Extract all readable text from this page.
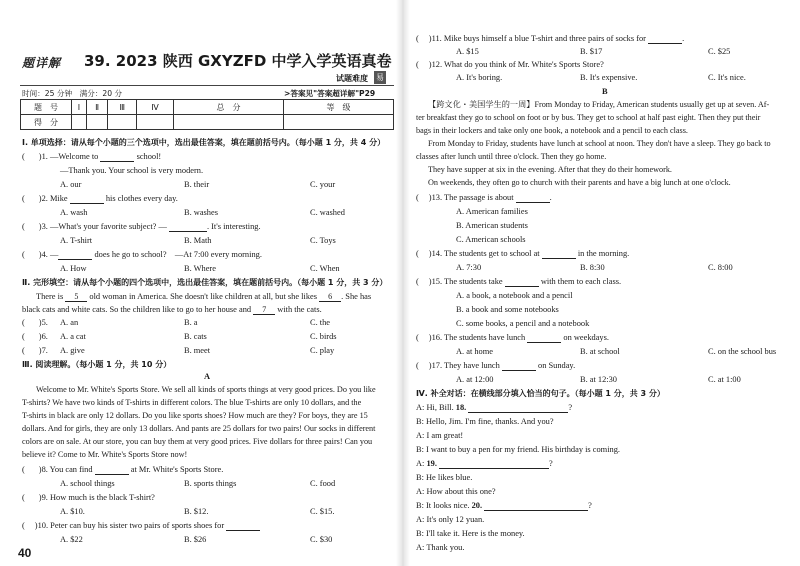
题详解 39. 2023 陕西 GXYZFD 中学入学英语真卷
试题难度 易
时间：25 分钟　满分：20 分	>答案见"答案超详解"P29
题　号	Ⅰ	Ⅱ	Ⅲ	Ⅳ	总　分	等　级
得　分						
Ⅰ. 单项选择：请从每个小题的三个选项中，选出最佳答案，填在题前括号内。（每小题 1 分，共 4 分）
( )1. —Welcome to	school!
—Thank you. Your school is very modern.
A. our	B. their	C. your
( )2. Mike	his clothes every day.
A. wash	B. washes	C. washed
( )3. —What's your favorite subject? —	. It's interesting.
A. T-shirt	B. Math	C. Toys
( )4. —	does he go to school?　—At 7:00 every morning.
A. How	B. Where	C. When
Ⅱ. 完形填空：请从每个小题的四个选项中，选出最佳答案，填在题前括号内。（每小题 1 分，共 3 分）
There is 5 old woman in America. She doesn't like children at all, but she likes 6 . She has
black cats and white cats. So the children like to go to her house and 7 with the cats.
( )5. A. an	B. a	C. the
( )6. A. a cat	B. cats	C. birds
( )7. A. give	B. meet	C. play
Ⅲ. 阅读理解。（每小题 1 分，共 10 分）
A
Welcome to Mr. White's Sports Store. We sell all kinds of sports things at very good prices. Do you like
T-shirts? We have two kinds of T-shirts in different colors. The blue T-shirts are only 10 dollars, and the
T-shirts in black are only 12 dollars. Do you like sports shoes? How much are they? For boys, they are 15
dollars. And for girls, they are only 13 dollars. And pants are 25 dollars for two pairs! Our socks in different
colors are on sale. At our store, you can buy them at very good prices. Five dollars for three pairs! Can you
believe it? Come to Mr. White's Sports Store now!
( )8. You can find	at Mr. White's Sports Store.
A. school things	B. sports things	C. food
( )9. How much is the black T-shirt?
A. $10.	B. $12.	C. $15.
( )10. Peter can buy his sister two pairs of sports shoes for
A. $22	B. $26	C. $30
40
( )11. Mike buys himself a blue T-shirt and three pairs of socks for	.
A. $15	B. $17	C. $25
( )12. What do you think of Mr. White's Sports Store?
A. It's boring.	B. It's expensive.	C. It's nice.
B
【跨文化・美国学生的一周】From Monday to Friday, American students usually get up at seven. Af-
ter breakfast they go to school on foot or by bus. They get to school at half past eight. Then they put their
bags in their lockers and take only one book, a notebook and a pencil to each class.
From Monday to Friday, students have lunch at school at noon. They don't have a sleep. They go back to
classes after lunch until three o'clock. Then they go home.
They have supper at six in the evening. After that they do their homework.
On weekends, they often go to church with their parents and have a big lunch at one o'clock.
( )13. The passage is about	.
A. American families
B. American students
C. American schools
( )14. The students get to school at	in the morning.
A. 7:30	B. 8:30	C. 8:00
( )15. The students take	with them to each class.
A. a book, a notebook and a pencil
B. a book and some notebooks
C. some books, a pencil and a notebook
( )16. The students have lunch	on weekdays.
A. at home	B. at school	C. on the school bus
( )17. They have lunch	on Sunday.
A. at 12:00	B. at 12:30	C. at 1:00
Ⅳ. 补全对话：在横线部分填入恰当的句子。（每小题 1 分，共 3 分）
A: Hi, Bill. 18.	?
B: Hello, Jim. I'm fine, thanks. And you?
A: I am great!
B: I want to buy a pen for my friend. His birthday is coming.
A: 19.	?
B: He likes blue.
A: How about this one?
B: It looks nice. 20.	?
A: It's only 12 yuan.
B: I'll take it. Here is the money.
A: Thank you.
